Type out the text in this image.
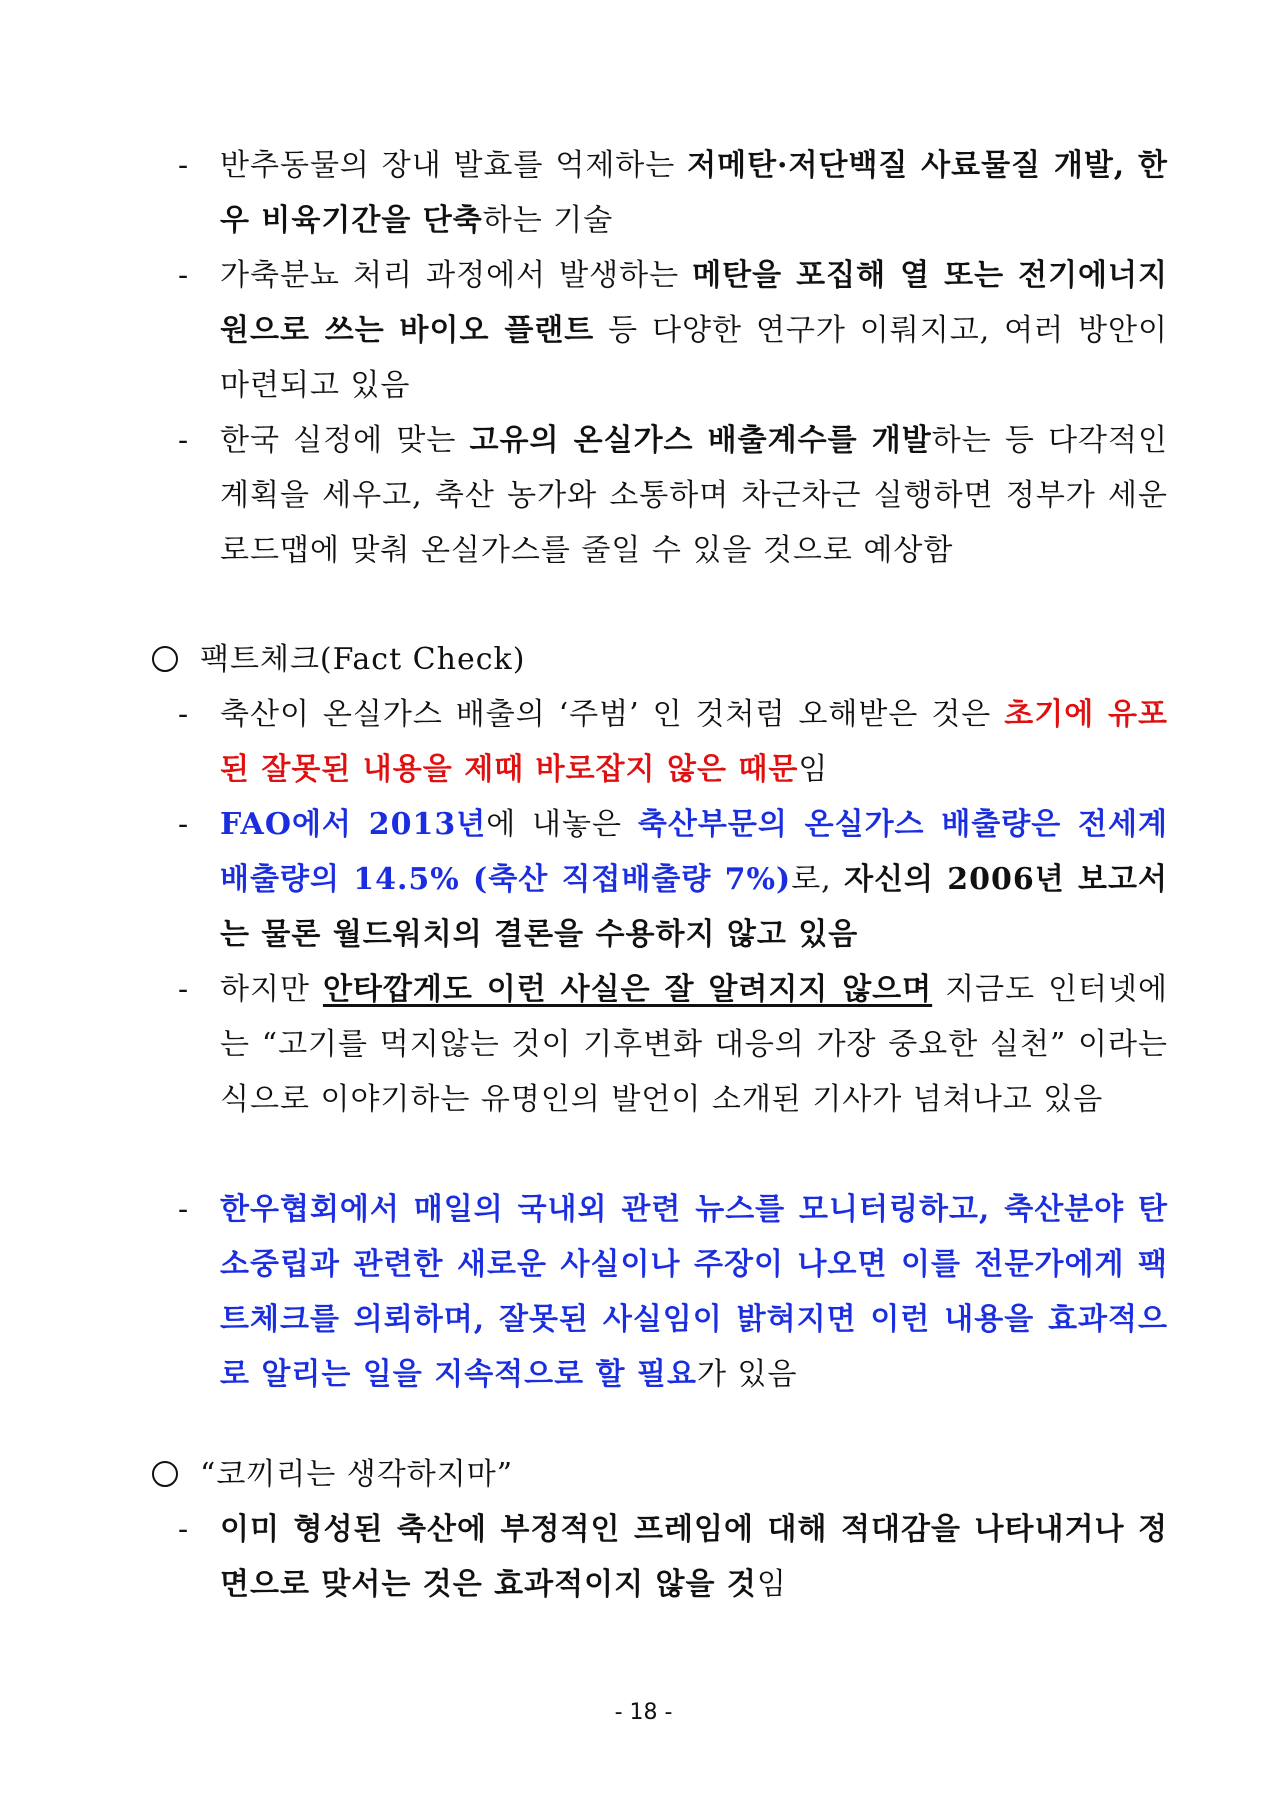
-	반추동물의 장내 발효를 억제하는 저메탄·저단백질 사료물질 개발, 한우 비육기간을 단축하는 기술
-	가축분뇨 처리 과정에서 발생하는 메탄을 포집해 열 또는 전기에너지원으로 쓰는 바이오 플랜트 등 다양한 연구가 이뤄지고, 여러 방안이 마련되고 있음
-	한국 실정에 맞는 고유의 온실가스 배출계수를 개발하는 등 다각적인 계획을 세우고, 축산 농가와 소통하며 차근차근 실행하면 정부가 세운 로드맵에 맞춰 온실가스를 줄일 수 있을 것으로 예상함
팩트체크(Fact Check)
-	축산이 온실가스 배출의 ‘주범’ 인 것처럼 오해받은 것은 초기에 유포된 잘못된 내용을 제때 바로잡지 않은 때문임
-	FAO에서 2013년에 내놓은 축산부문의 온실가스 배출량은 전세계 배출량의 14.5% (축산 직접배출량 7%)로, 자신의 2006년 보고서는 물론 월드워치의 결론을 수용하지 않고 있음
-	하지만 안타깝게도 이런 사실은 잘 알려지지 않으며 지금도 인터넷에는 “고기를 먹지않는 것이 기후변화 대응의 가장 중요한 실천” 이라는 식으로 이야기하는 유명인의 발언이 소개된 기사가 넘쳐나고 있음
-	한우협회에서 매일의 국내외 관련 뉴스를 모니터링하고, 축산분야 탄소중립과 관련한 새로운 사실이나 주장이 나오면 이를 전문가에게 팩트체크를 의뢰하며, 잘못된 사실임이 밝혀지면 이런 내용을 효과적으로 알리는 일을 지속적으로 할 필요가 있음
“코끼리는 생각하지마”
-	이미 형성된 축산에 부정적인 프레임에 대해 적대감을 나타내거나 정면으로 맞서는 것은 효과적이지 않을 것임
- 18 -
